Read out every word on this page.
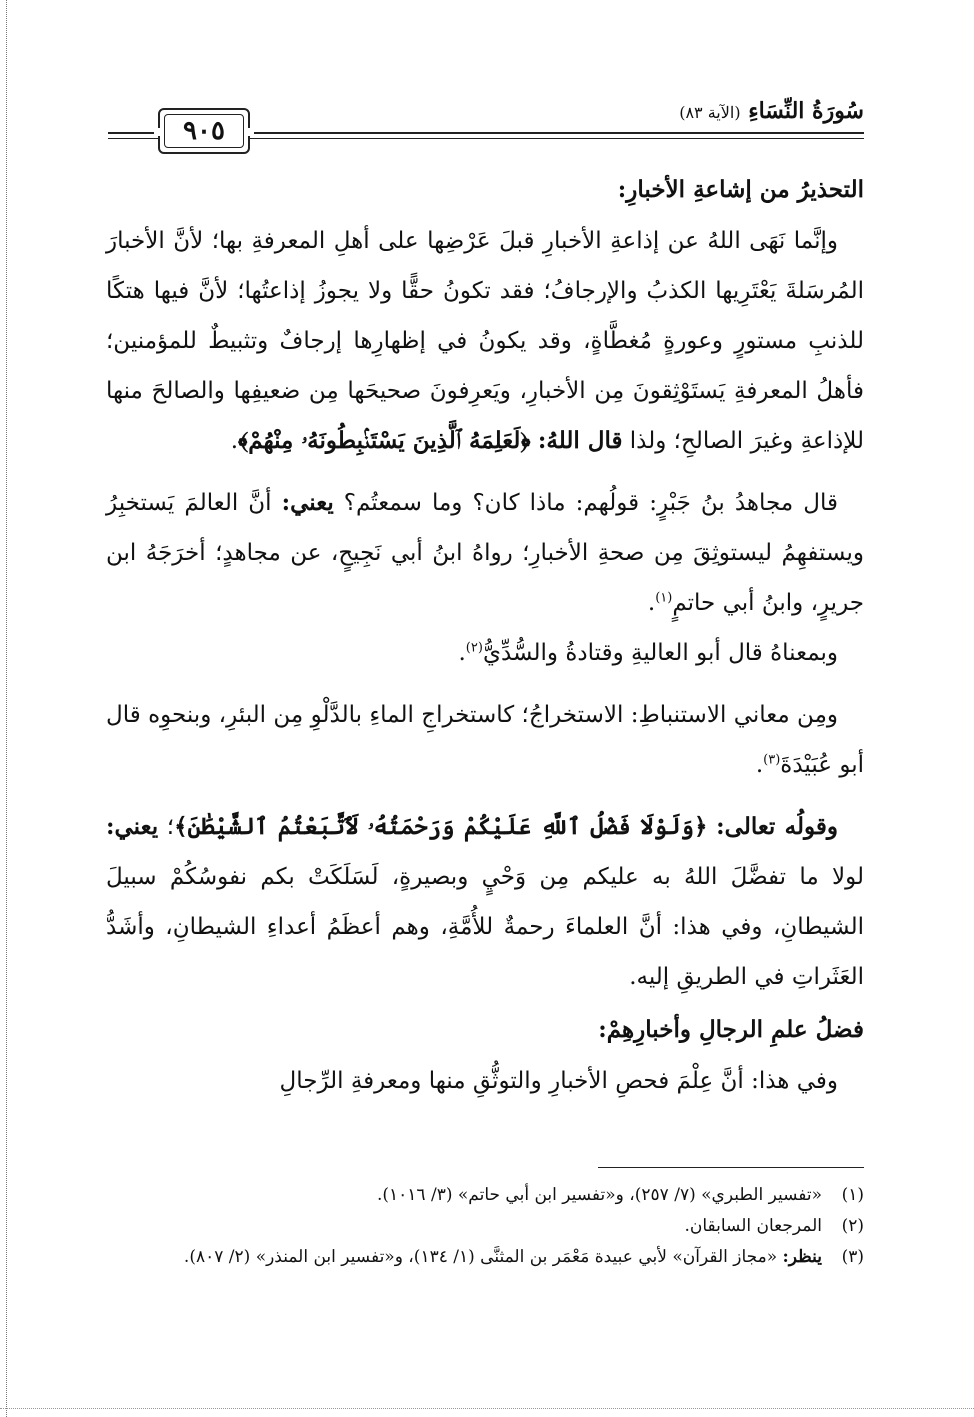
٩٠٥
سُورَةُ النِّسَاءِ (الآية ٨٣)

التحذيرُ من إشاعةِ الأخبارِ:

وإنَّما نَهَى اللهُ عن إذاعةِ الأخبارِ قبلَ عَرْضِها على أهلِ المعرفةِ بها؛ لأنَّ الأخبارَ المُرسَلةَ يَعْتَرِيها الكذبُ والإرجافُ؛ فقد تكونُ حقًّا ولا يجوزُ إذاعتُها؛ لأنَّ فيها هتكًا للذنبِ مستورٍ وعورةٍ مُغطَّاةٍ، وقد يكونُ في إظهارِها إرجافٌ وتثبيطٌ للمؤمنين؛ فأهلُ المعرفةِ يَستَوْثِقونَ مِن الأخبارِ، ويَعرِفونَ صحيحَها مِن ضعيفِها والصالحَ منها للإذاعةِ وغيرَ الصالحِ؛ ولذا قال اللهُ: ﴿لَعَلِمَهُ ٱلَّذِينَ يَسْتَنۢبِطُونَهُۥ مِنْهُمْ﴾.

قال مجاهدُ بنُ جَبْرٍ: قولُهم: ماذا كان؟ وما سمعتُم؟ يعني: أنَّ العالمَ يَستخبِرُ ويستفهِمُ ليستوثِقَ مِن صحةِ الأخبارِ؛ رواهُ ابنُ أبي نَجِيحٍ، عن مجاهدٍ؛ أخرَجَهُ ابن جريرٍ، وابنُ أبي حاتمٍ$^{(١)}$.

وبمعناهُ قال أبو العاليةِ وقتادةُ والسُّدِّيُّ$^{(٢)}$.

ومِن معاني الاستنباطِ: الاستخراجُ؛ كاستخراجِ الماءِ بالدَّلْوِ مِن البئرِ، وبنحوِه قال أبو عُبَيْدَةَ$^{(٣)}$.

وقولُه تعالى: ﴿وَلَوْلَا فَضْلُ ٱللَّهِ عَلَيْكُمْ وَرَحْمَتُهُۥ لَٱتَّبَعْتُمُ ٱلشَّيْطَٰنَ﴾؛ يعني: لولا ما تفضَّلَ اللهُ به عليكم مِن وَحْيٍ وبصيرةٍ، لَسَلَكَتْ بكم نفوسُكُمْ سبيلَ الشيطانِ، وفي هذا: أنَّ العلماءَ رحمةٌ للأُمَّةِ، وهم أعظَمُ أعداءِ الشيطانِ، وأشَدُّ العَثَراتِ في الطريقِ إليه.

فضلُ علمِ الرجالِ وأخبارِهِمْ:

وفي هذا: أنَّ عِلْمَ فحصِ الأخبارِ والتوثُّقِ منها ومعرفةِ الرِّجالِ

(١)
«تفسير الطبري» (٧/ ٢٥٧)، و«تفسير ابن أبي حاتم» (٣/ ١٠١٦).
(٢)
المرجعان السابقان.
(٣)
ينظر: «مجاز القرآن» لأبي عبيدة مَعْمَر بن المثنَّى (١/ ١٣٤)، و«تفسير ابن المنذر» (٢/ ٨٠٧).
